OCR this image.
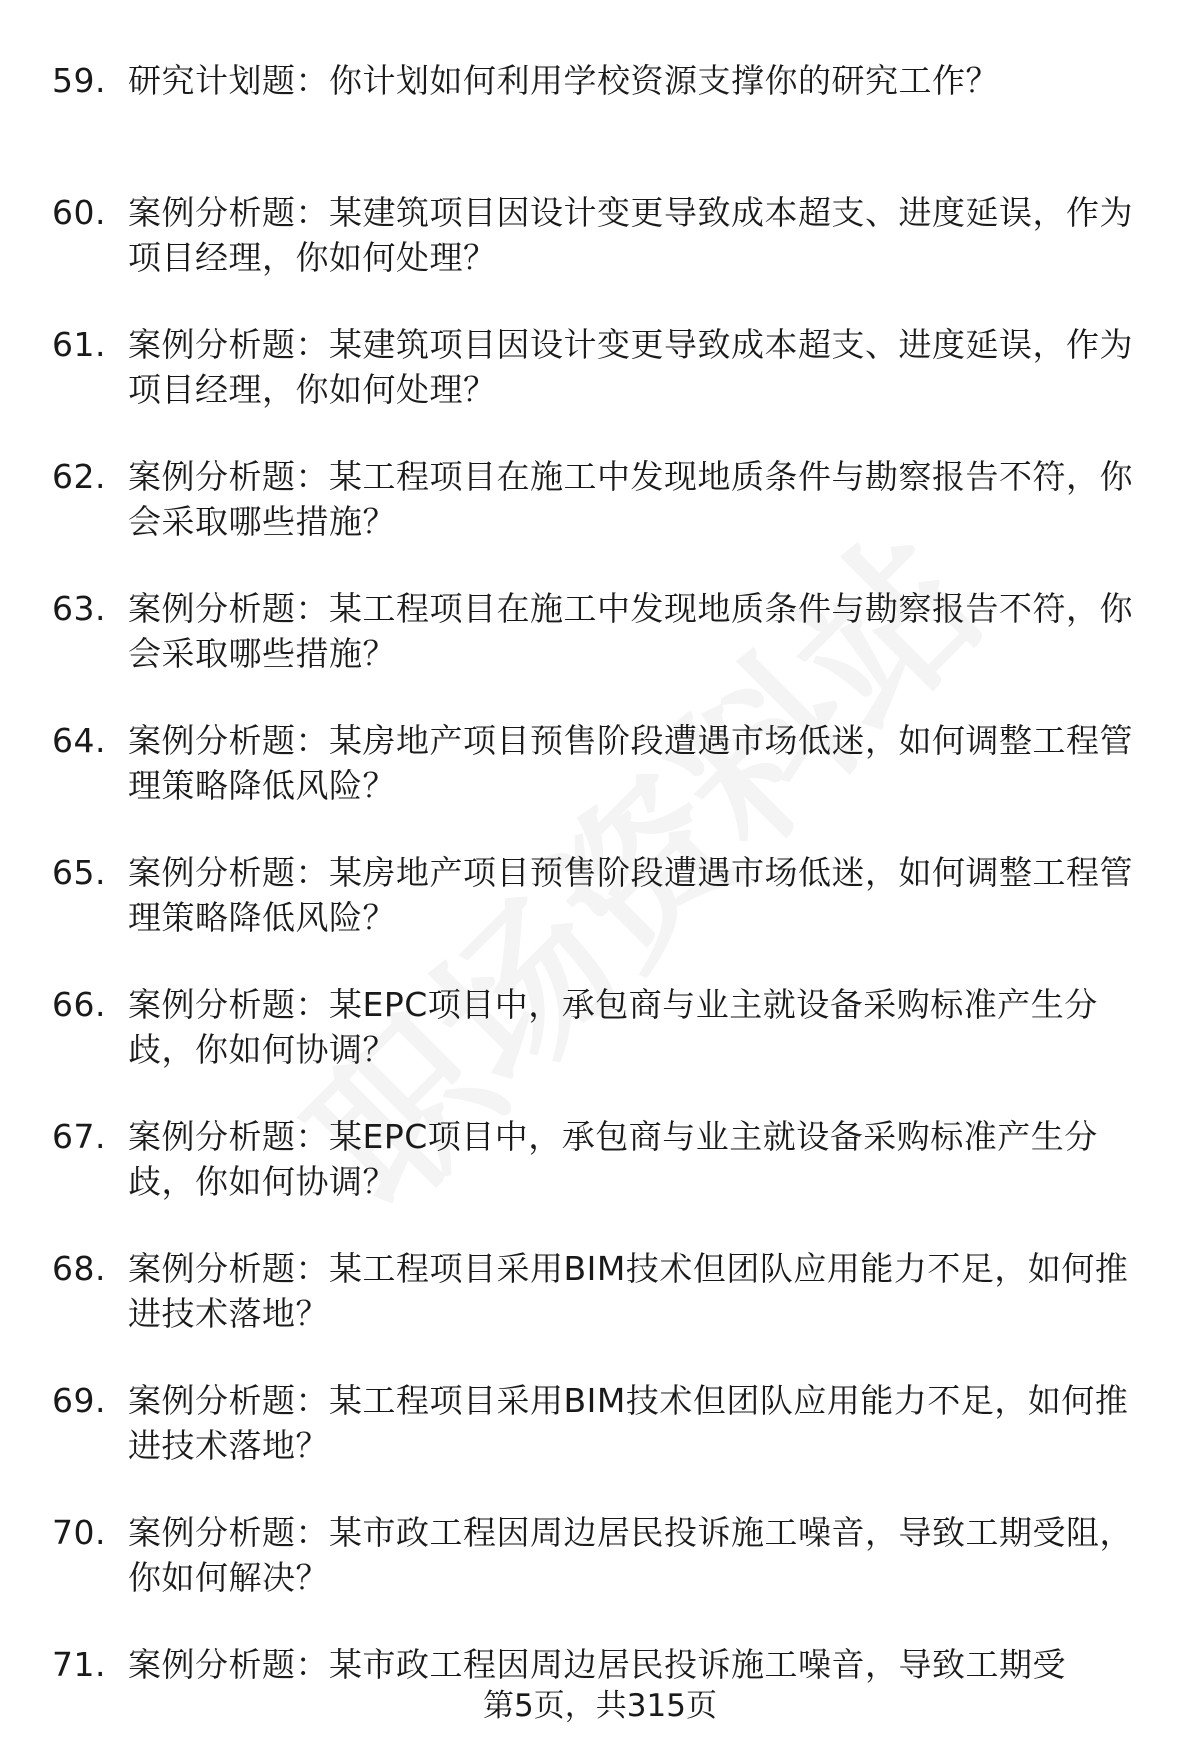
59. 研究计划题：你计划如何利用学校资源支撑你的研究工作？
60. 案例分析题：某建筑项目因设计变更导致成本超支、进度延误，作为项目经理，你如何处理？
61. 案例分析题：某建筑项目因设计变更导致成本超支、进度延误，作为项目经理，你如何处理？
62. 案例分析题：某工程项目在施工中发现地质条件与勘察报告不符，你会采取哪些措施？
63. 案例分析题：某工程项目在施工中发现地质条件与勘察报告不符，你会采取哪些措施？
64. 案例分析题：某房地产项目预售阶段遭遇市场低迷，如何调整工程管理策略降低风险？
65. 案例分析题：某房地产项目预售阶段遭遇市场低迷，如何调整工程管理策略降低风险？
66. 案例分析题：某EPC项目中，承包商与业主就设备采购标准产生分歧，你如何协调？
67. 案例分析题：某EPC项目中，承包商与业主就设备采购标准产生分歧，你如何协调？
68. 案例分析题：某工程项目采用BIM技术但团队应用能力不足，如何推进技术落地？
69. 案例分析题：某工程项目采用BIM技术但团队应用能力不足，如何推进技术落地？
70. 案例分析题：某市政工程因周边居民投诉施工噪音，导致工期受阻，你如何解决？
71. 案例分析题：某市政工程因周边居民投诉施工噪音，导致工期受
第5页，共315页
